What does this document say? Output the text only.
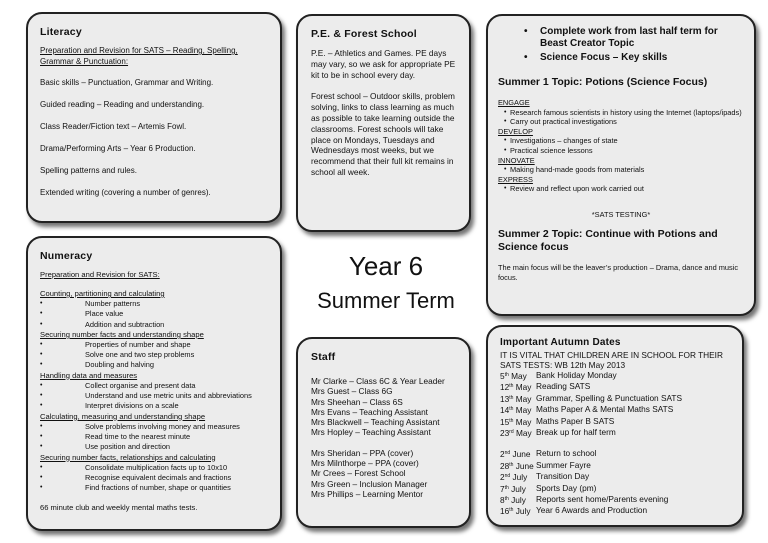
Literacy
Preparation and Revision for SATS – Reading, Spelling, Grammar & Punctuation:
Basic skills – Punctuation, Grammar and Writing.
Guided reading – Reading and understanding.
Class Reader/Fiction text – Artemis Fowl.
Drama/Performing Arts – Year 6 Production.
Spelling patterns and rules.
Extended writing (covering a number of genres).
P.E. & Forest School
P.E. – Athletics and Games. PE days may vary, so we ask for appropriate PE kit to be in school every day.
Forest school – Outdoor skills, problem solving, links to class learning as much as possible to take learning outside the classrooms. Forest schools will take place on Mondays, Tuesdays and Wednesdays most weeks, but we recommend that their full kit remains in school all week.
• Complete work from last half term for Beast Creator Topic
• Science Focus – Key skills
Summer 1 Topic: Potions (Science Focus)
ENGAGE
• Research famous scientists in history using the Internet (laptops/ipads)
• Carry out practical investigations
DEVELOP
• Investigations – changes of state
• Practical science lessons
INNOVATE
• Making hand-made goods from materials
EXPRESS
• Review and reflect upon work carried out
*SATS TESTING*
Summer 2 Topic: Continue with Potions and Science focus
The main focus will be the leaver’s production – Drama, dance and music focus.
Year 6
Summer Term
Numeracy
Preparation and Revision for SATS:
Counting, partitioning and calculating
• Number patterns
• Place value
• Addition and subtraction
Securing number facts and understanding shape
• Properties of number and shape
• Solve one and two step problems
• Doubling and halving
Handling data and measures
• Collect organise and present data
• Understand and use metric units and abbreviations
• Interpret divisions on a scale
Calculating, measuring and understanding shape
• Solve problems involving money and measures
• Read time to the nearest minute
• Use position and direction
Securing number facts, relationships and calculating
• Consolidate multiplication facts up to 10x10
• Recognise equivalent decimals and fractions
• Find fractions of number, shape or quantities
66 minute club and weekly mental maths tests.
Staff
Mr Clarke – Class 6C & Year Leader
Mrs Guest – Class 6G
Mrs Sheehan – Class 6S
Mrs Evans – Teaching Assistant
Mrs Blackwell – Teaching Assistant
Mrs Hopley – Teaching Assistant
Mrs Sheridan – PPA (cover)
Mrs Milnthorpe – PPA (cover)
Mr Crees – Forest School
Mrs Green – Inclusion Manager
Mrs Phillips – Learning Mentor
Important Autumn Dates
IT IS VITAL THAT CHILDREN ARE IN SCHOOL FOR THEIR SATS TESTS: WB 12th May 2013
5th May	Bank Holiday Monday
12th May Reading SATS
13th May Grammar, Spelling & Punctuation SATS
14th May Maths Paper A & Mental Maths SATS
15th May Maths Paper B SATS
23rd May Break up for half term
2nd June Return to school
28th June Summer Fayre
2nd July	Transition Day
7th July	Sports Day (pm)
8th July	Reports sent home/Parents evening
16th July Year 6 Awards and Production
